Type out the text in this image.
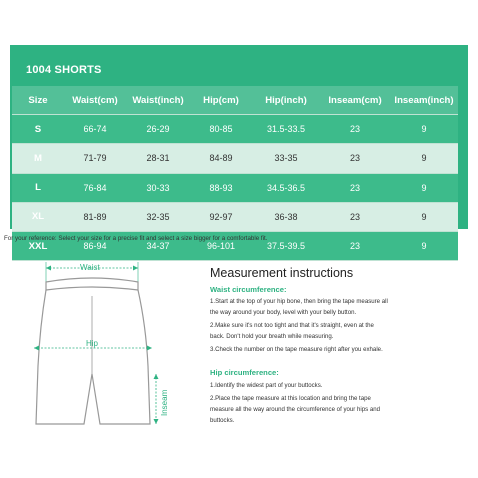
1004 SHORTS
Size	Waist(cm)	Waist(inch)	Hip(cm)	Hip(inch)	Inseam(cm)	Inseam(inch)
S	66-74	26-29	80-85	31.5-33.5	23	9
M	71-79	28-31	84-89	33-35	23	9
L	76-84	30-33	88-93	34.5-36.5	23	9
XL	81-89	32-35	92-97	36-38	23	9
XXL	86-94	34-37	96-101	37.5-39.5	23	9
For your reference: Select your size for a precise fit and select a size bigger for a comfortable fit.
Waist
Hip
Inseam
Measurement instructions
Waist circumference:
1.Start at the top of your hip bone, then bring the tape measure all
the way around your body, level with your belly button.
2.Make sure it's not too tight and that it's straight, even at the
back. Don't hold your breath while measuring.
3.Check the number on the tape measure right after you exhale.
Hip circumference:
1.Identify the widest part of your buttocks.
2.Place the tape measure at this location and bring the tape
measure all the way around the circumference of your hips and
buttocks.
